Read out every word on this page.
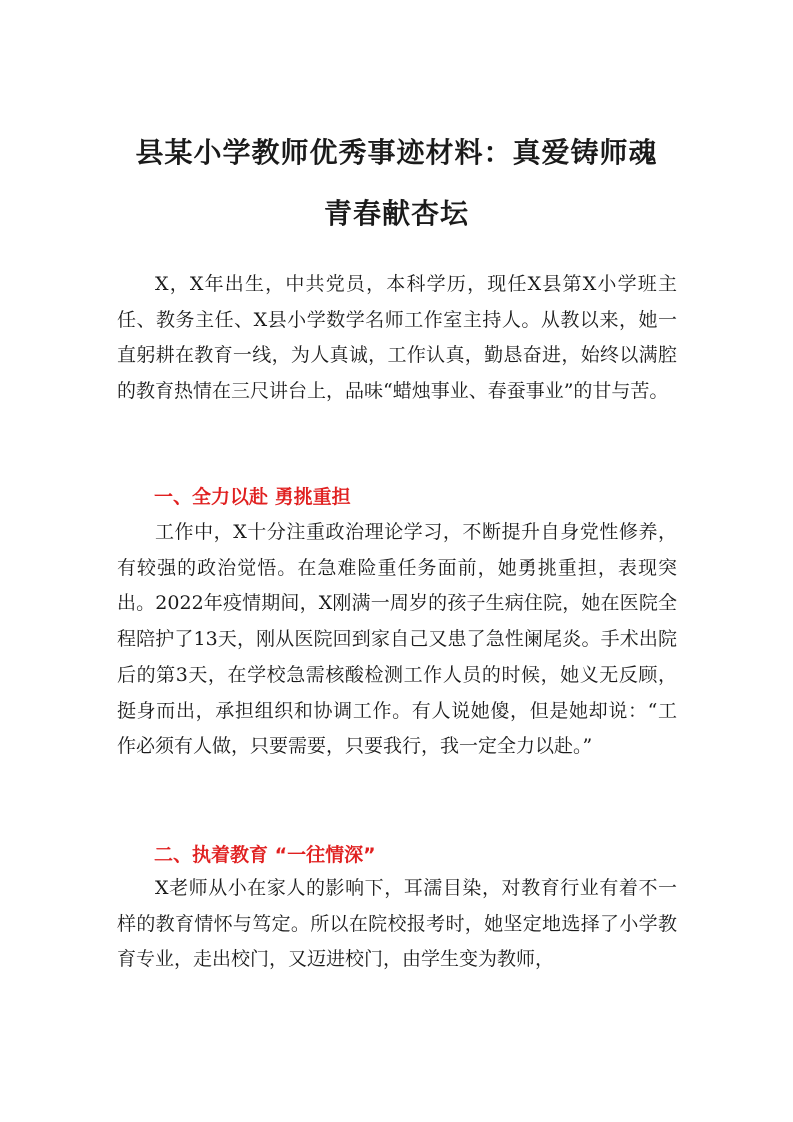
县某小学教师优秀事迹材料：真爱铸师魂
青春献杏坛

X，X年出生，中共党员，本科学历，现任X县第X小学班主任、教务主任、X县小学数学名师工作室主持人。从教以来，她一直躬耕在教育一线，为人真诚，工作认真，勤恳奋进，始终以满腔的教育热情在三尺讲台上，品味“蜡烛事业、春蚕事业”的甘与苦。

一、全力以赴 勇挑重担

工作中，X十分注重政治理论学习，不断提升自身党性修养，有较强的政治觉悟。在急难险重任务面前，她勇挑重担，表现突出。2022年疫情期间，X刚满一周岁的孩子生病住院，她在医院全程陪护了13天，刚从医院回到家自己又患了急性阑尾炎。手术出院后的第3天，在学校急需核酸检测工作人员的时候，她义无反顾，挺身而出，承担组织和协调工作。有人说她傻，但是她却说：“工作必须有人做，只要需要，只要我行，我一定全力以赴。”

二、执着教育 “一往情深”

X老师从小在家人的影响下，耳濡目染，对教育行业有着不一样的教育情怀与笃定。所以在院校报考时，她坚定地选择了小学教育专业，走出校门，又迈进校门，由学生变为教师，
